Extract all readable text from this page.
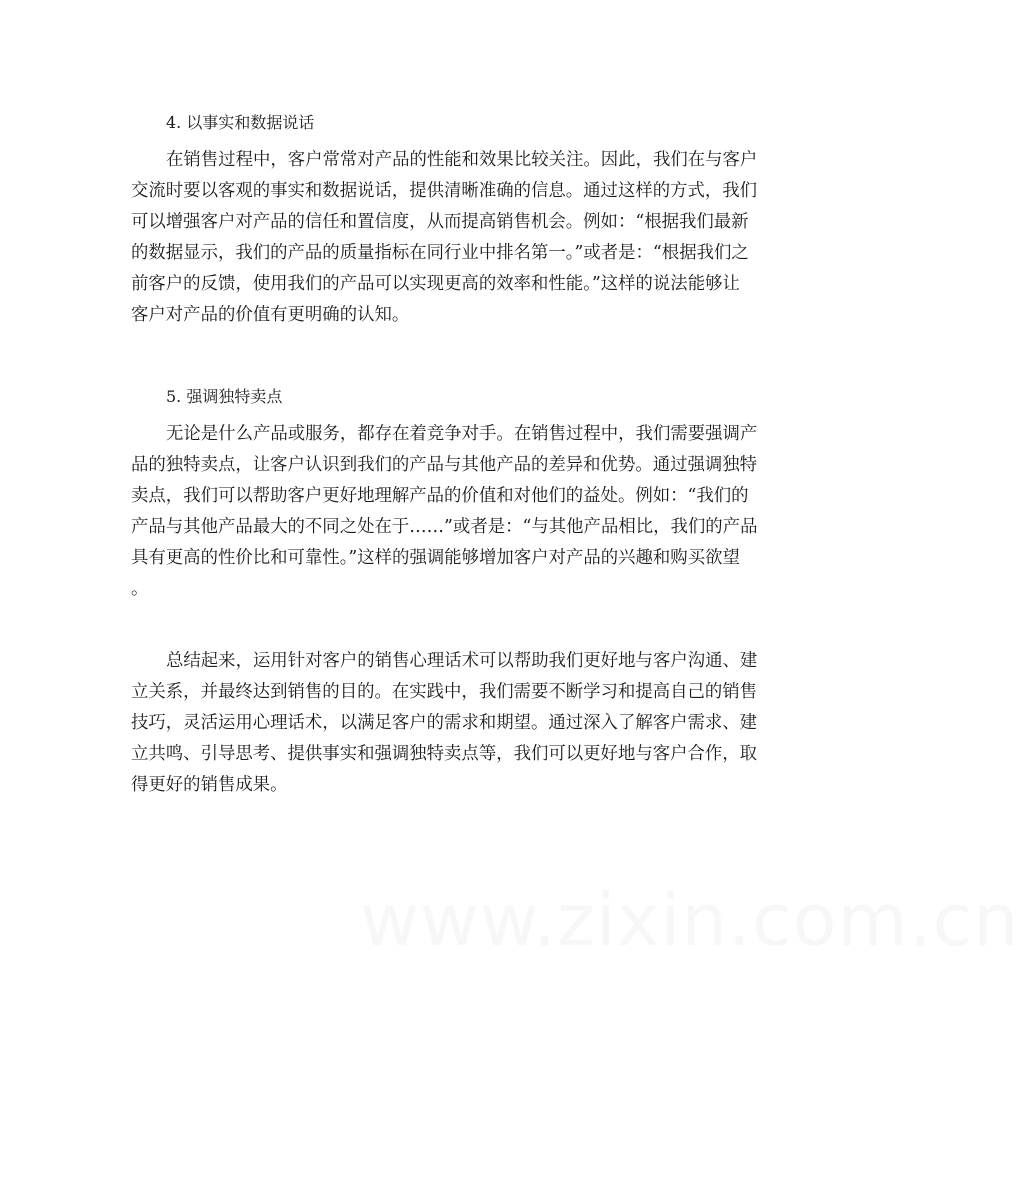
4. 以事实和数据说话
在销售过程中，客户常常对产品的性能和效果比较关注。因此，我们在与客户
交流时要以客观的事实和数据说话，提供清晰准确的信息。通过这样的方式，我们
可以增强客户对产品的信任和置信度，从而提高销售机会。例如：“根据我们最新
的数据显示，我们的产品的质量指标在同行业中排名第一。”或者是：“根据我们之
前客户的反馈，使用我们的产品可以实现更高的效率和性能。”这样的说法能够让
客户对产品的价值有更明确的认知。
5. 强调独特卖点
无论是什么产品或服务，都存在着竞争对手。在销售过程中，我们需要强调产
品的独特卖点，让客户认识到我们的产品与其他产品的差异和优势。通过强调独特
卖点，我们可以帮助客户更好地理解产品的价值和对他们的益处。例如：“我们的
产品与其他产品最大的不同之处在于……”或者是：“与其他产品相比，我们的产品
具有更高的性价比和可靠性。”这样的强调能够增加客户对产品的兴趣和购买欲望
。
总结起来，运用针对客户的销售心理话术可以帮助我们更好地与客户沟通、建
立关系，并最终达到销售的目的。在实践中，我们需要不断学习和提高自己的销售
技巧，灵活运用心理话术，以满足客户的需求和期望。通过深入了解客户需求、建
立共鸣、引导思考、提供事实和强调独特卖点等，我们可以更好地与客户合作，取
得更好的销售成果。
www.zixin.com.cn
